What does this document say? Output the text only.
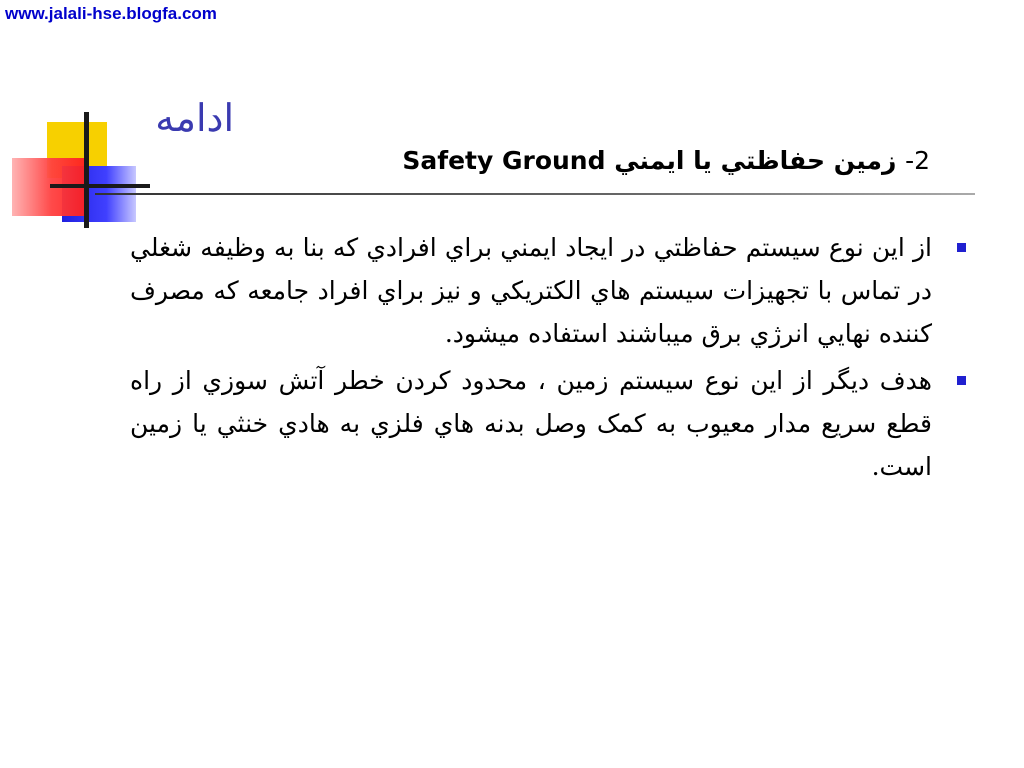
www.jalali-hse.blogfa.com
ادامه
2- زمين حفاظتي يا ايمني Safety Ground
از اين نوع سيستم حفاظتي در ايجاد ايمني براي افرادي كه بنا به وظيفه شغلي در تماس با تجهيزات سيستم هاي الكتريكي و نيز براي افراد جامعه كه مصرف كننده نهايي انرژي برق ميباشند استفاده ميشود.
هدف ديگر از اين نوع سيستم زمين ، محدود كردن خطر آتش سوزي از راه قطع سريع مدار معيوب به كمک وصل بدنه هاي فلزي به هادي خنثي يا زمين است.
